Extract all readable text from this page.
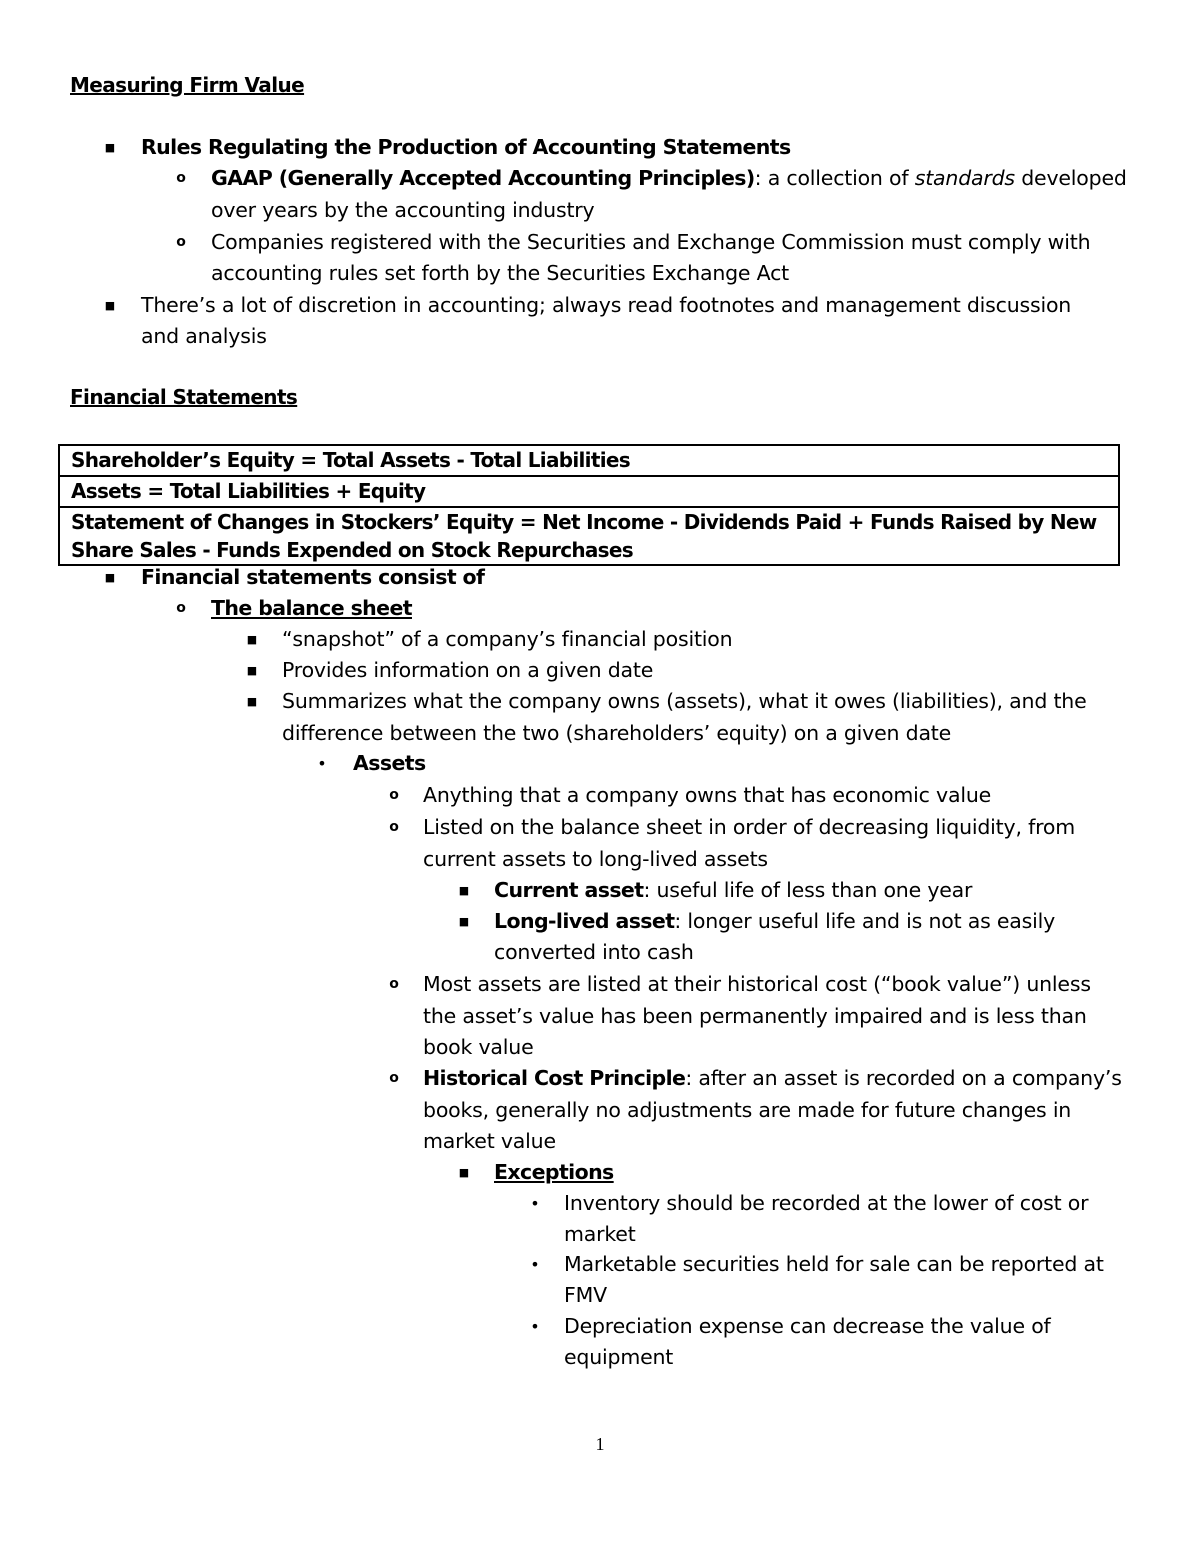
Measuring Firm Value
■ Rules Regulating the Production of Accounting Statements
o GAAP (Generally Accepted Accounting Principles): a collection of standards developed
over years by the accounting industry
o Companies registered with the Securities and Exchange Commission must comply with
accounting rules set forth by the Securities Exchange Act
■ There’s a lot of discretion in accounting; always read footnotes and management discussion
and analysis
Financial Statements
Shareholder’s Equity = Total Assets - Total Liabilities
Assets = Total Liabilities + Equity
Statement of Changes in Stockers’ Equity = Net Income - Dividends Paid + Funds Raised by New
Share Sales - Funds Expended on Stock Repurchases
■ Financial statements consist of
o The balance sheet
■ “snapshot” of a company’s financial position
■ Provides information on a given date
■ Summarizes what the company owns (assets), what it owes (liabilities), and the
difference between the two (shareholders’ equity) on a given date
• Assets
o Anything that a company owns that has economic value
o Listed on the balance sheet in order of decreasing liquidity, from
current assets to long-lived assets
■ Current asset: useful life of less than one year
■ Long-lived asset: longer useful life and is not as easily
converted into cash
o Most assets are listed at their historical cost (“book value”) unless
the asset’s value has been permanently impaired and is less than
book value
o Historical Cost Principle: after an asset is recorded on a company’s
books, generally no adjustments are made for future changes in
market value
■ Exceptions
• Inventory should be recorded at the lower of cost or
market
• Marketable securities held for sale can be reported at
FMV
• Depreciation expense can decrease the value of
equipment
1
